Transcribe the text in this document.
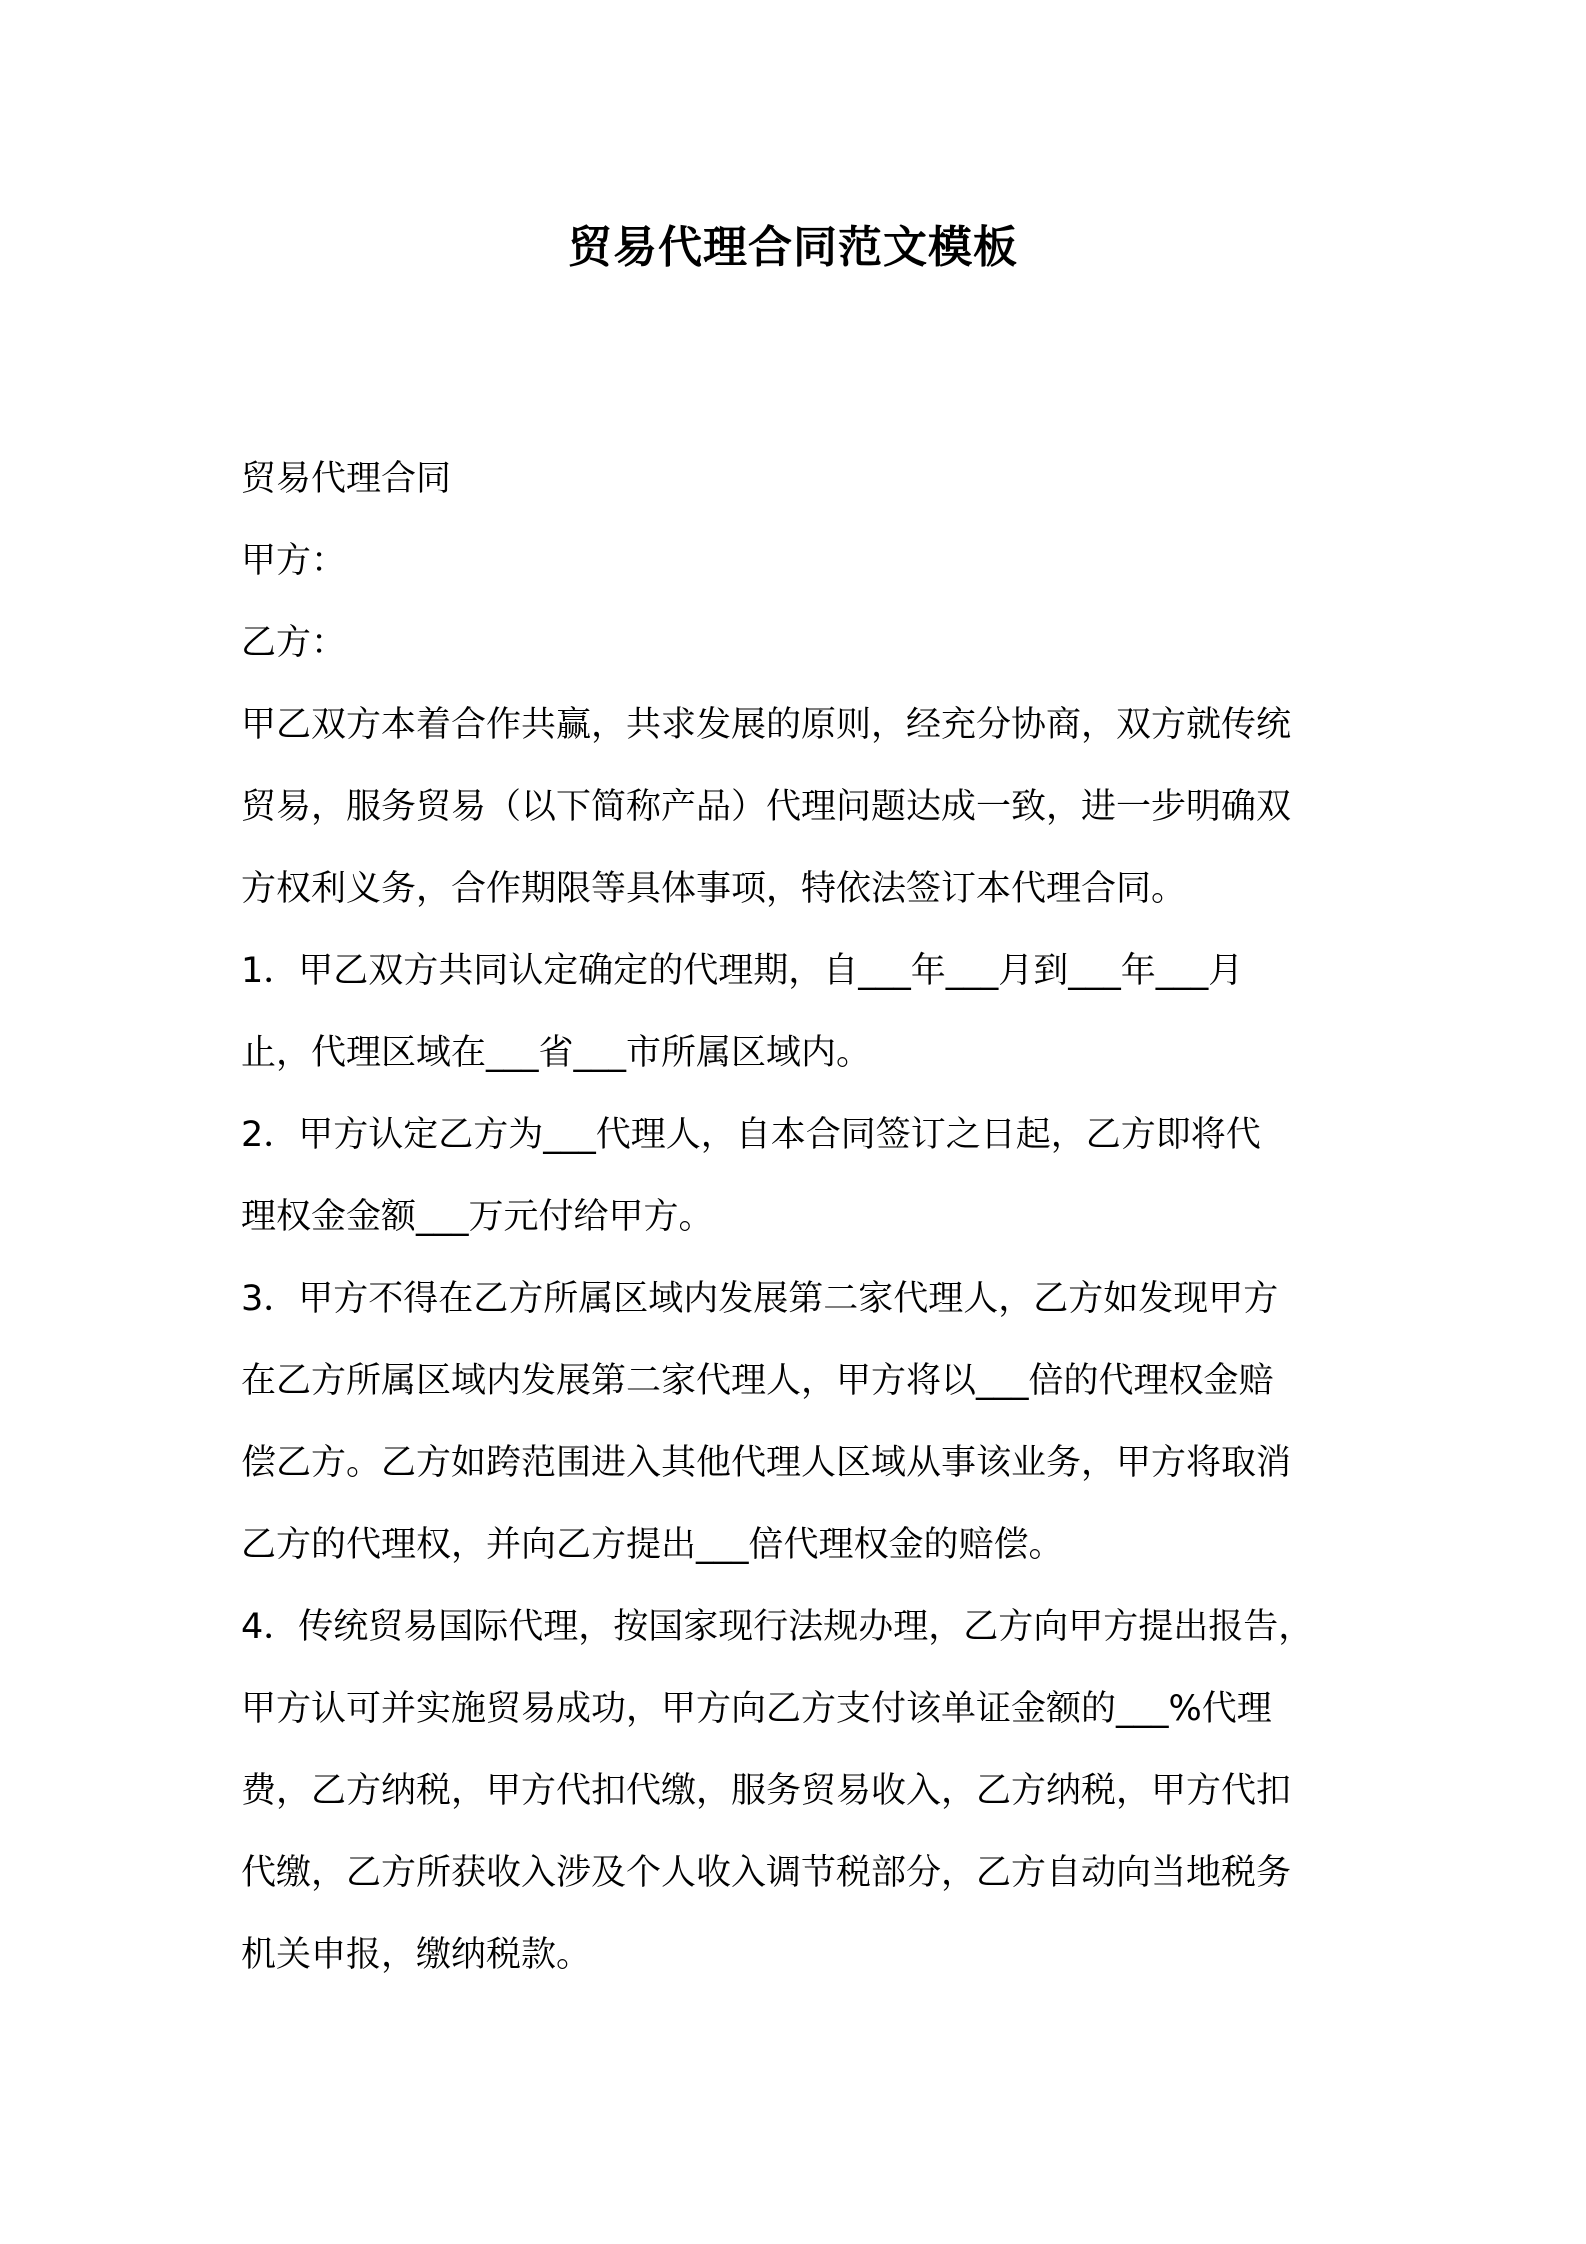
贸易代理合同范文模板
贸易代理合同
甲方：
乙方：
甲乙双方本着合作共赢，共求发展的原则，经充分协商，双方就传统
贸易，服务贸易（以下简称产品）代理问题达成一致，进一步明确双
方权利义务，合作期限等具体事项，特依法签订本代理合同。
1．甲乙双方共同认定确定的代理期，自___年___月到___年___月
止，代理区域在___省___市所属区域内。
2．甲方认定乙方为___代理人，自本合同签订之日起，乙方即将代
理权金金额___万元付给甲方。
3．甲方不得在乙方所属区域内发展第二家代理人，乙方如发现甲方
在乙方所属区域内发展第二家代理人，甲方将以___倍的代理权金赔
偿乙方。乙方如跨范围进入其他代理人区域从事该业务，甲方将取消
乙方的代理权，并向乙方提出___倍代理权金的赔偿。
4．传统贸易国际代理，按国家现行法规办理，乙方向甲方提出报告，
甲方认可并实施贸易成功，甲方向乙方支付该单证金额的___%代理
费，乙方纳税，甲方代扣代缴，服务贸易收入，乙方纳税，甲方代扣
代缴，乙方所获收入涉及个人收入调节税部分，乙方自动向当地税务
机关申报，缴纳税款。
